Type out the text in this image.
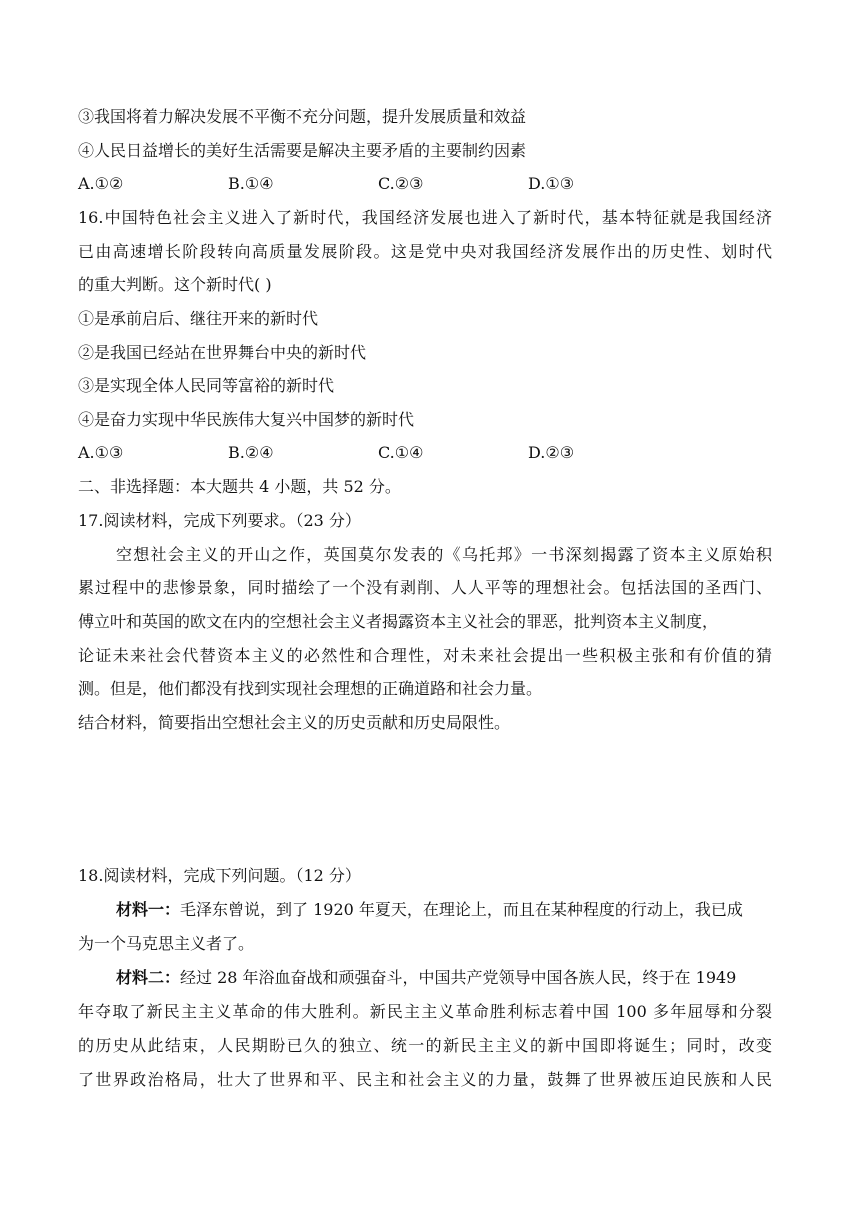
③我国将着力解决发展不平衡不充分问题，提升发展质量和效益
④人民日益增长的美好生活需要是解决主要矛盾的主要制约因素
A.①②	B.①④	C.②③	D.①③
16.中国特色社会主义进入了新时代，我国经济发展也进入了新时代，基本特征就是我国经济
已由高速增长阶段转向高质量发展阶段。这是党中央对我国经济发展作出的历史性、划时代
的重大判断。这个新时代( )
①是承前启后、继往开来的新时代
②是我国已经站在世界舞台中央的新时代
③是实现全体人民同等富裕的新时代
④是奋力实现中华民族伟大复兴中国梦的新时代
A.①③	B.②④	C.①④	D.②③
二、非选择题：本大题共 4 小题，共 52 分。
17.阅读材料，完成下列要求。（23 分）
空想社会主义的开山之作，英国莫尔发表的《乌托邦》一书深刻揭露了资本主义原始积
累过程中的悲惨景象，同时描绘了一个没有剥削、人人平等的理想社会。包括法国的圣西门、
傅立叶和英国的欧文在内的空想社会主义者揭露资本主义社会的罪恶，批判资本主义制度，
论证未来社会代替资本主义的必然性和合理性，对未来社会提出一些积极主张和有价值的猜
测。但是，他们都没有找到实现社会理想的正确道路和社会力量。
结合材料，简要指出空想社会主义的历史贡献和历史局限性。
18.阅读材料，完成下列问题。（12 分）
材料一：毛泽东曾说，到了 1920 年夏天，在理论上，而且在某种程度的行动上，我已成
为一个马克思主义者了。
材料二：经过 28 年浴血奋战和顽强奋斗，中国共产党领导中国各族人民，终于在 1949
年夺取了新民主主义革命的伟大胜利。新民主主义革命胜利标志着中国 100 多年屈辱和分裂
的历史从此结束，人民期盼已久的独立、统一的新民主主义的新中国即将诞生；同时，改变
了世界政治格局，壮大了世界和平、民主和社会主义的力量，鼓舞了世界被压迫民族和人民
